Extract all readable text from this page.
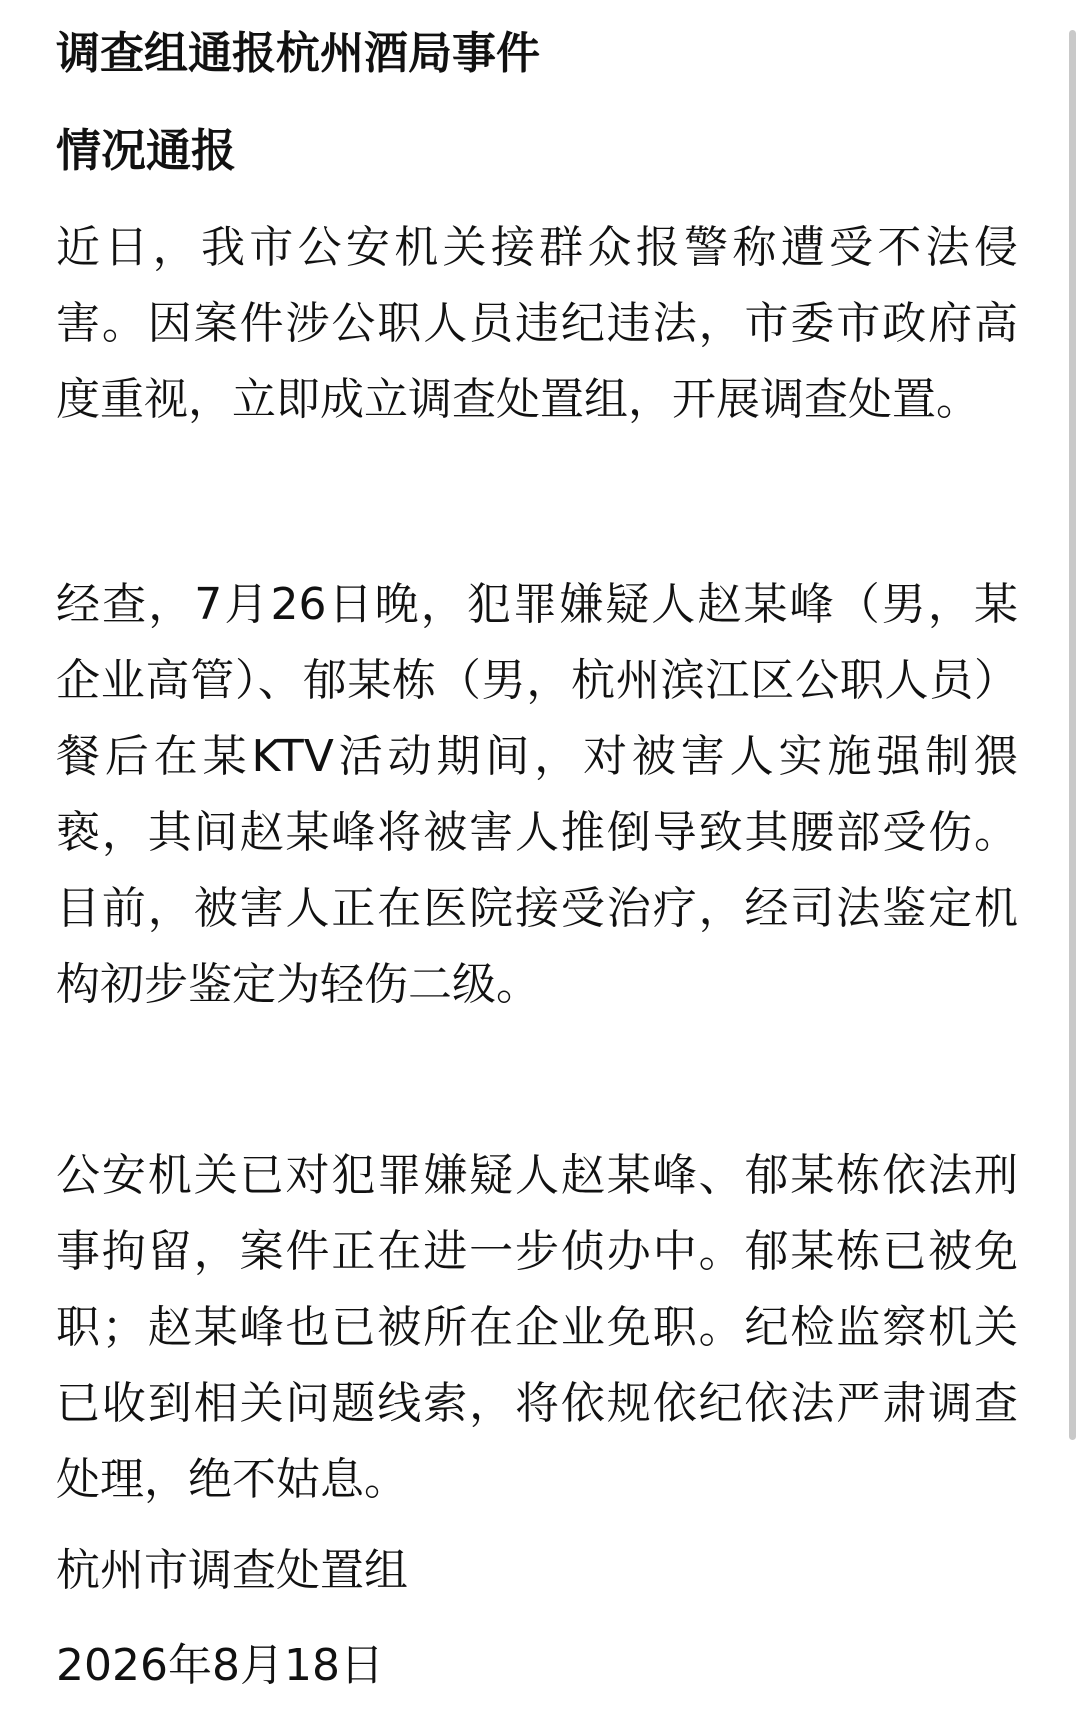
调查组通报杭州酒局事件
情况通报
近日，我市公安机关接群众报警称遭受不法侵害。因案件涉公职人员违纪违法，市委市政府高度重视，立即成立调查处置组，开展调查处置。
经查，7月26日晚，犯罪嫌疑人赵某峰（男，某企业高管）、郁某栋（男，杭州滨江区公职人员）餐后在某KTV活动期间，对被害人实施强制猥亵，其间赵某峰将被害人推倒导致其腰部受伤。目前，被害人正在医院接受治疗，经司法鉴定机构初步鉴定为轻伤二级。
公安机关已对犯罪嫌疑人赵某峰、郁某栋依法刑事拘留，案件正在进一步侦办中。郁某栋已被免职；赵某峰也已被所在企业免职。纪检监察机关已收到相关问题线索，将依规依纪依法严肃调查处理，绝不姑息。
杭州市调查处置组
2026年8月18日
